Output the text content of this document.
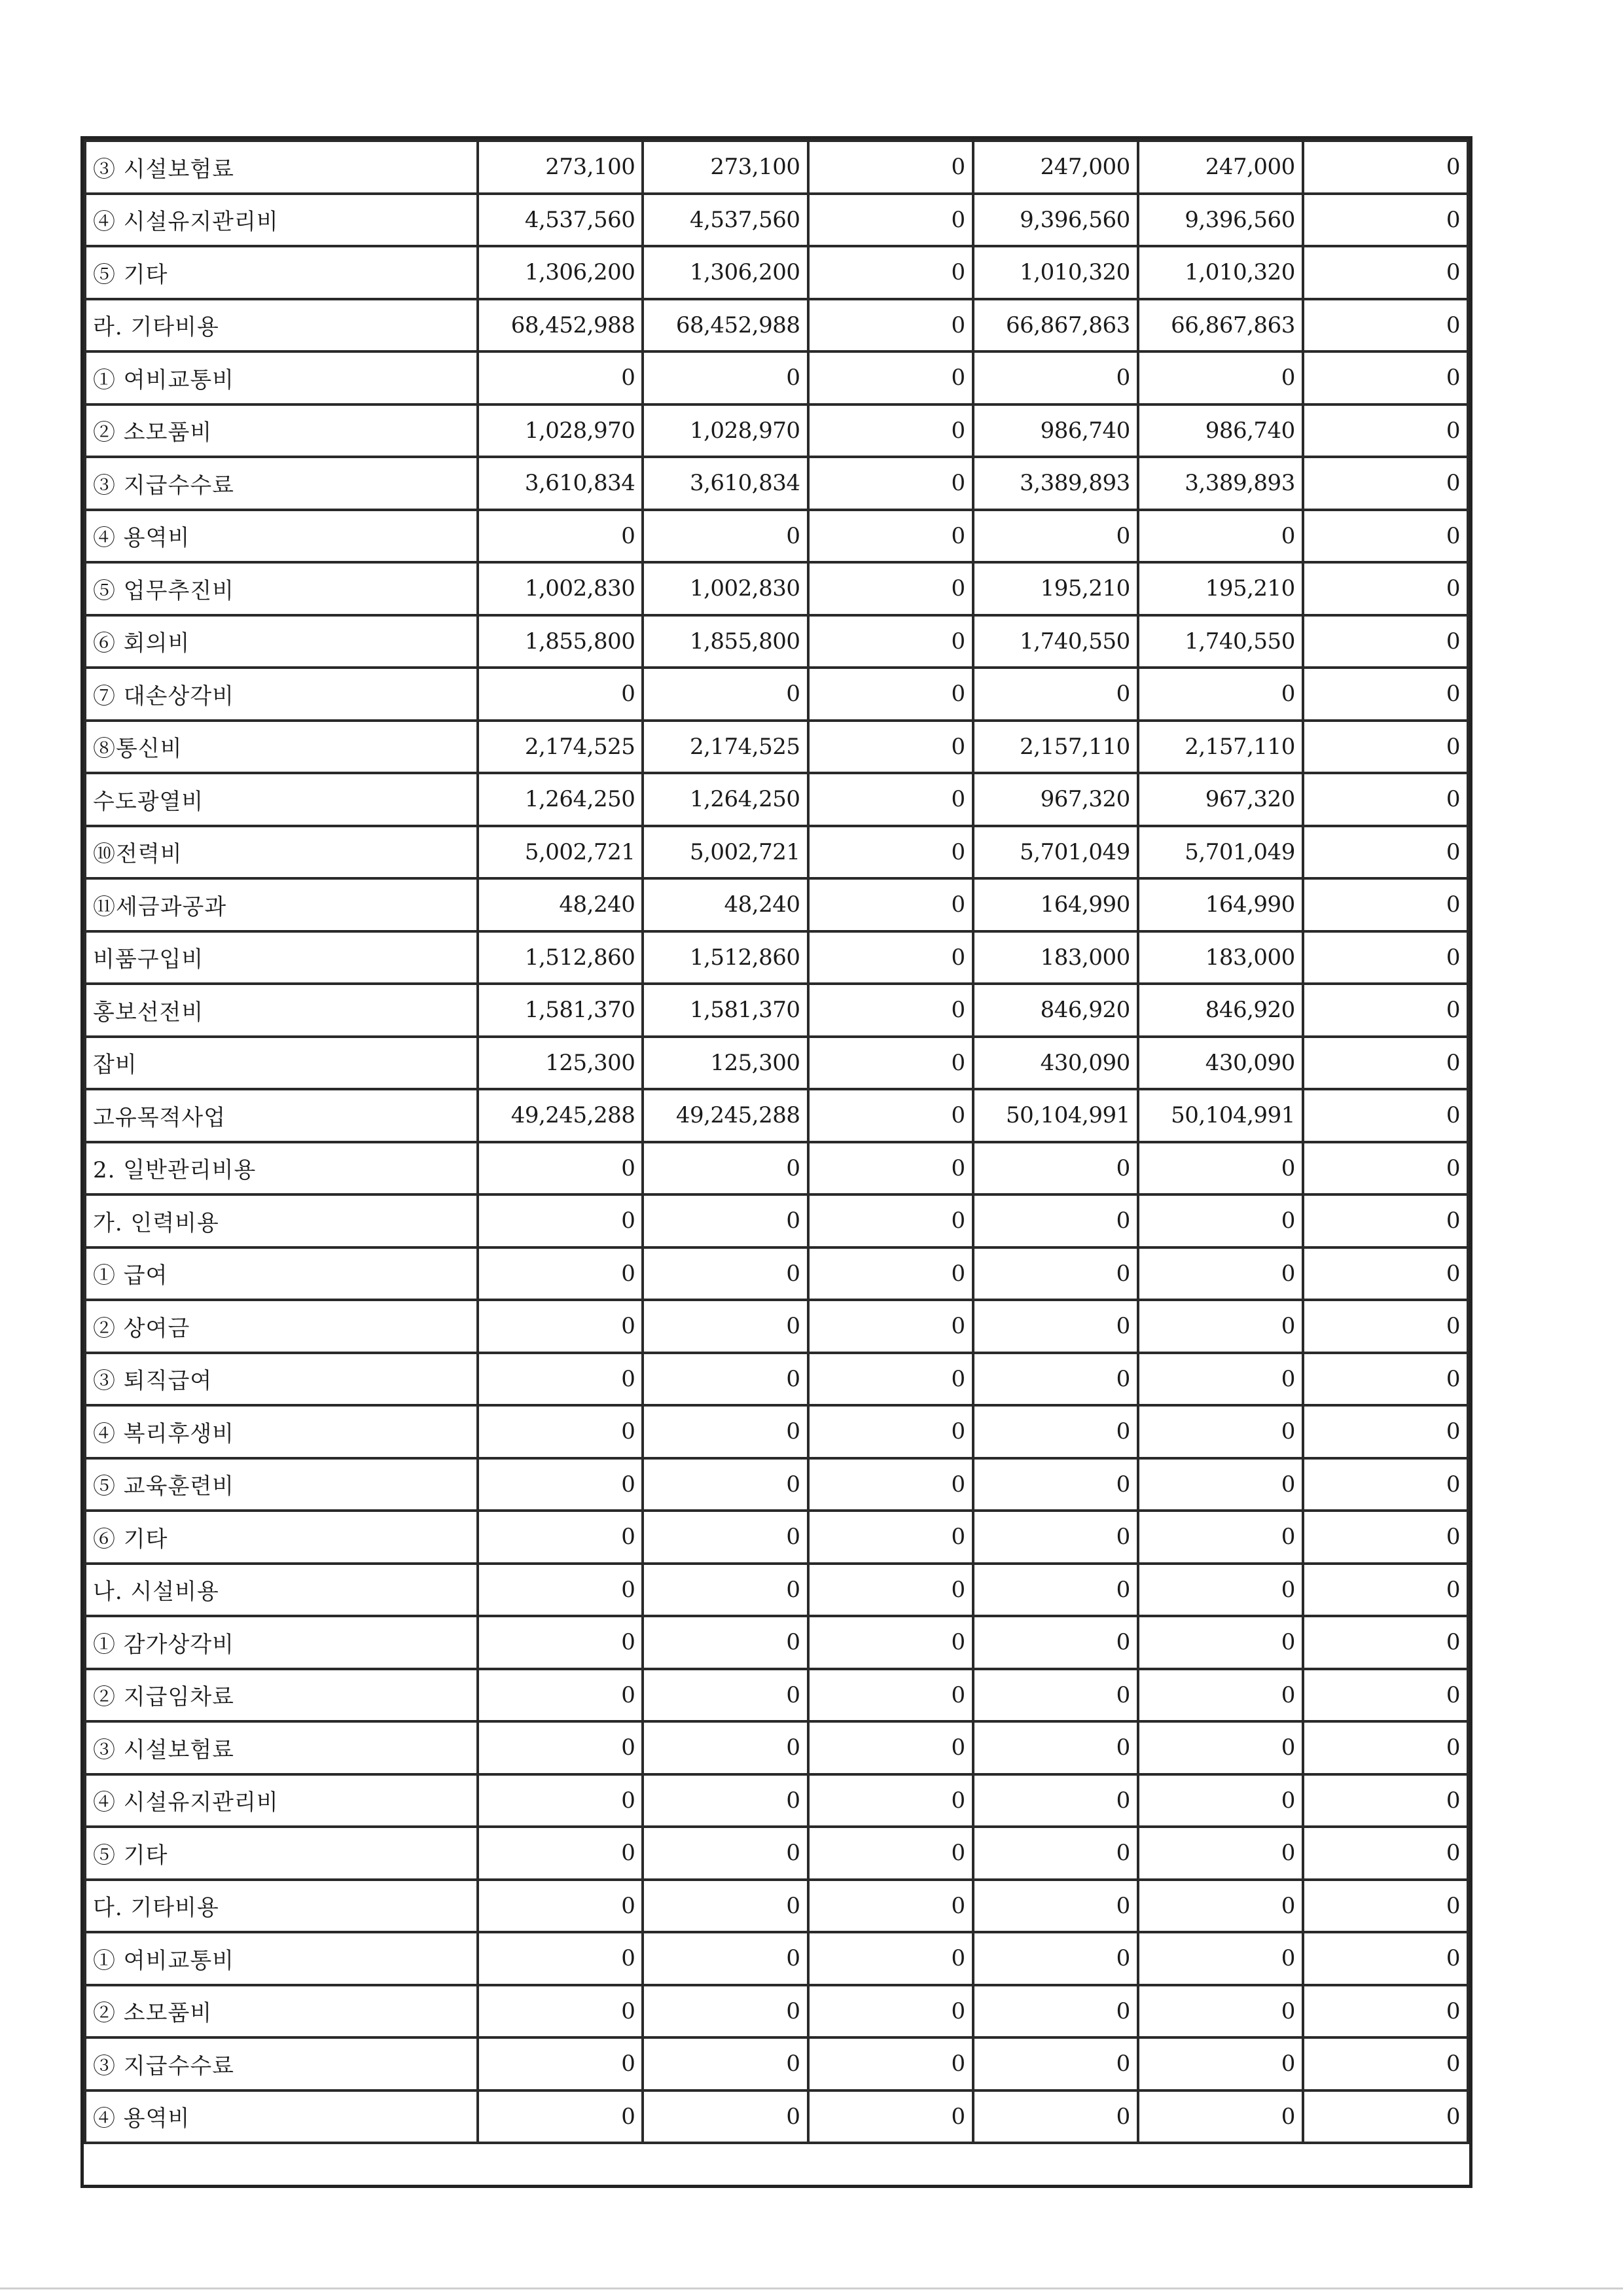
③ 시설보험료	273,100	273,100	0	247,000	247,000	0
④ 시설유지관리비	4,537,560	4,537,560	0	9,396,560	9,396,560	0
⑤ 기타	1,306,200	1,306,200	0	1,010,320	1,010,320	0
라. 기타비용	68,452,988	68,452,988	0	66,867,863	66,867,863	0
① 여비교통비	0	0	0	0	0	0
② 소모품비	1,028,970	1,028,970	0	986,740	986,740	0
③ 지급수수료	3,610,834	3,610,834	0	3,389,893	3,389,893	0
④ 용역비	0	0	0	0	0	0
⑤ 업무추진비	1,002,830	1,002,830	0	195,210	195,210	0
⑥ 회의비	1,855,800	1,855,800	0	1,740,550	1,740,550	0
⑦ 대손상각비	0	0	0	0	0	0
⑧통신비	2,174,525	2,174,525	0	2,157,110	2,157,110	0
수도광열비	1,264,250	1,264,250	0	967,320	967,320	0
⑩전력비	5,002,721	5,002,721	0	5,701,049	5,701,049	0
⑪세금과공과	48,240	48,240	0	164,990	164,990	0
비품구입비	1,512,860	1,512,860	0	183,000	183,000	0
홍보선전비	1,581,370	1,581,370	0	846,920	846,920	0
잡비	125,300	125,300	0	430,090	430,090	0
고유목적사업	49,245,288	49,245,288	0	50,104,991	50,104,991	0
2. 일반관리비용	0	0	0	0	0	0
가. 인력비용	0	0	0	0	0	0
① 급여	0	0	0	0	0	0
② 상여금	0	0	0	0	0	0
③ 퇴직급여	0	0	0	0	0	0
④ 복리후생비	0	0	0	0	0	0
⑤ 교육훈련비	0	0	0	0	0	0
⑥ 기타	0	0	0	0	0	0
나. 시설비용	0	0	0	0	0	0
① 감가상각비	0	0	0	0	0	0
② 지급임차료	0	0	0	0	0	0
③ 시설보험료	0	0	0	0	0	0
④ 시설유지관리비	0	0	0	0	0	0
⑤ 기타	0	0	0	0	0	0
다. 기타비용	0	0	0	0	0	0
① 여비교통비	0	0	0	0	0	0
② 소모품비	0	0	0	0	0	0
③ 지급수수료	0	0	0	0	0	0
④ 용역비	0	0	0	0	0	0
